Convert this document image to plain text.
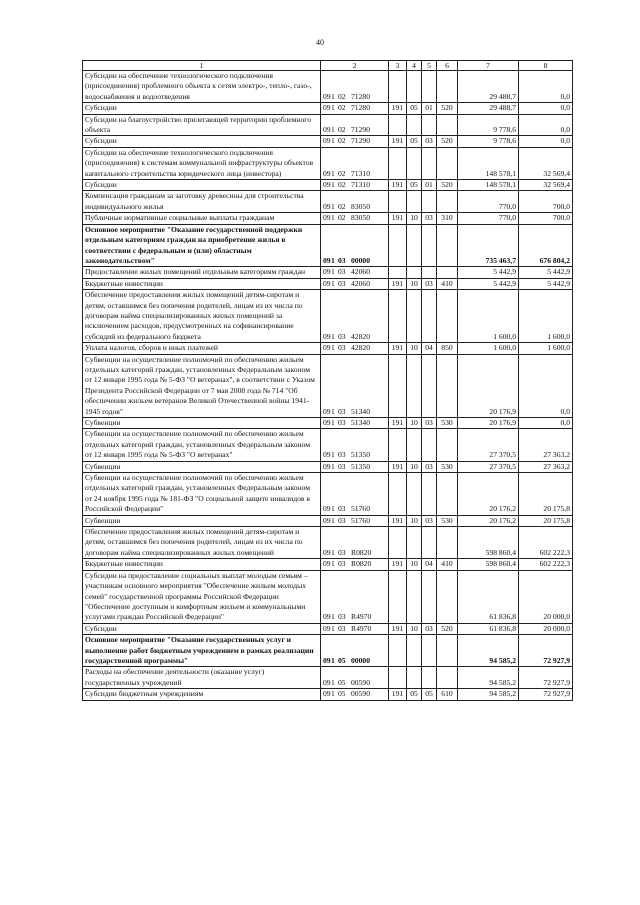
40
1	2	3	4	5	6	7	8
Субсидии на обеспечение технологического подключения (присоединения) проблемного объекта к сетям электро-, тепло-, газо-, водоснабжения и водоотведения	091 02 71280					29 488,7	0,0
Субсидии	091 02 71280	191	05	01	520	29 488,7	0,0
Субсидии на благоустройство прилегающей территории проблемного объекта	091 02 71290					9 778,6	0,0
Субсидии	091 02 71290	191	05	03	520	9 778,6	0,0
Субсидии на обеспечение технологического подключения (присоединения) к системам коммунальной инфраструктуры объектов капитального строительства юридического лица (инвестора)	091 02 71310					148 578,1	32 569,4
Субсидии	091 02 71310	191	05	01	520	148 578,1	32 569,4
Компенсация гражданам за заготовку древесины для строительства индивидуального жилья	091 02 83050					770,0	700,0
Публичные нормативные социальные выплаты гражданам	091 02 83050	191	10	03	310	770,0	700,0
Основное мероприятие "Оказание государственной поддержки отдельным категориям граждан на приобретение жилья в соответствии с федеральным и (или) областным законодательством"	091 03 00000					735 463,7	676 804,2
Предоставление жилых помещений отдельным категориям граждан	091 03 42060					5 442,9	5 442,9
Бюджетные инвестиции	091 03 42060	191	10	03	410	5 442,9	5 442,9
Обеспечение предоставления жилых помещений детям-сиротам и детям, оставшимся без попечения родителей, лицам из их числа по договорам найма специализированных жилых помещений за исключением расходов, предусмотренных на софинансирование субсидий из федерального бюджета	091 03 42820					1 600,0	1 600,0
Уплата налогов, сборов и иных платежей	091 03 42820	191	10	04	850	1 600,0	1 600,0
Субвенции на осуществление полномочий по обеспечению жильем отдельных категорий граждан, установленных Федеральным законом от 12 января 1995 года № 5-ФЗ "О ветеранах", в соответствии с Указом Президента Российской Федерации от 7 мая 2008 года № 714 "Об обеспечении жильем ветеранов Великой Отечественной войны 1941-1945 годов"	091 03 51340					20 176,9	0,0
Субвенции	091 03 51340	191	10	03	530	20 176,9	0,0
Субвенции на осуществление полномочий по обеспечению жильем отдельных категорий граждан, установленных Федеральным законом от 12 января 1995 года № 5-ФЗ "О ветеранах"	091 03 51350					27 370,5	27 363,2
Субвенции	091 03 51350	191	10	03	530	27 370,5	27 363,2
Субвенции на осуществление полномочий по обеспечению жильем отдельных категорий граждан, установленных Федеральным законом от 24 ноября 1995 года № 181-ФЗ "О социальной защите инвалидов в Российской Федерации"	091 03 51760					20 176,2	20 175,8
Субвенции	091 03 51760	191	10	03	530	20 176,2	20 175,8
Обеспечение предоставления жилых помещений детям-сиротам и детям, оставшимся без попечения родителей, лицам из их числа по договорам найма специализированных жилых помещений	091 03 R0820					598 860,4	602 222,3
Бюджетные инвестиции	091 03 R0820	191	10	04	410	598 860,4	602 222,3
Субсидии на предоставление социальных выплат молодым семьям – участникам основного мероприятия "Обеспечение жильем молодых семей" государственной программы Российской Федерации "Обеспечение доступным и комфортным жильем и коммунальными услугами граждан Российской Федерации"	091 03 R4970					61 836,8	20 000,0
Субсидии	091 03 R4970	191	10	03	520	61 836,8	20 000,0
Основное мероприятие "Оказание государственных услуг и выполнение работ бюджетным учреждением в рамках реализации государственной программы"	091 05 00000					94 585,2	72 927,9
Расходы на обеспечение деятельности (оказание услуг) государственных учреждений	091 05 00590					94 585,2	72 927,9
Субсидии бюджетным учреждениям	091 05 00590	191	05	05	610	94 585,2	72 927,9
